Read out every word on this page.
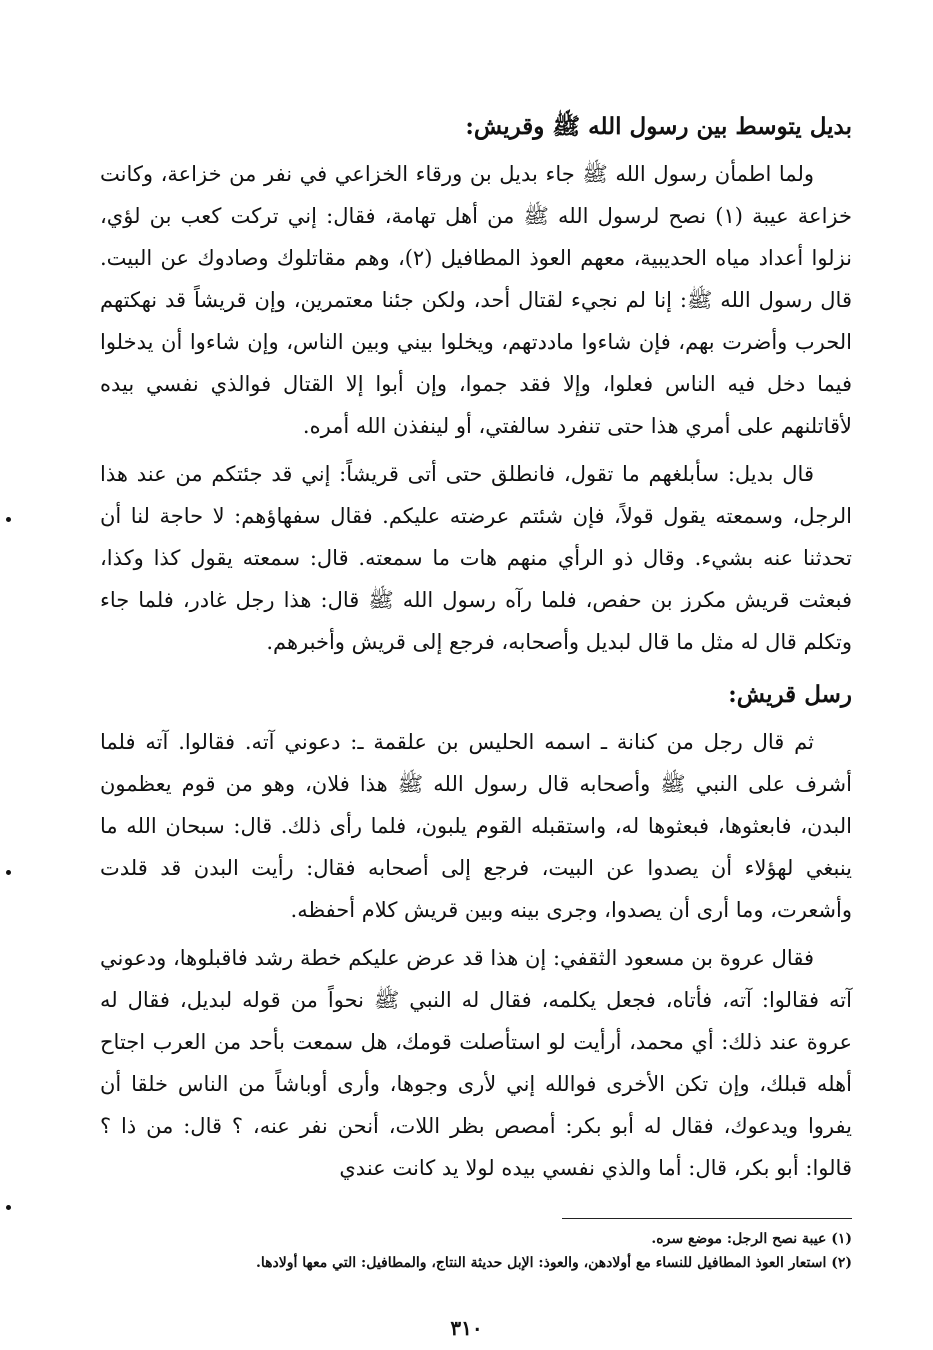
بديل يتوسط بين رسول الله ﷺ وقريش:

ولما اطمأن رسول الله ﷺ جاء بديل بن ورقاء الخزاعي في نفر من خزاعة، وكانت خزاعة عيبة (١) نصح لرسول الله ﷺ من أهل تهامة، فقال: إني تركت كعب بن لؤي، نزلوا أعداد مياه الحديبية، معهم العوذ المطافيل (٢)، وهم مقاتلوك وصادوك عن البيت. قال رسول الله ﷺ: إنا لم نجيء لقتال أحد، ولكن جئنا معتمرين، وإن قريشاً قد نهكتهم الحرب وأضرت بهم، فإن شاءوا ماددتهم، ويخلوا بيني وبين الناس، وإن شاءوا أن يدخلوا فيما دخل فيه الناس فعلوا، وإلا فقد جموا، وإن أبوا إلا القتال فوالذي نفسي بيده لأقاتلنهم على أمري هذا حتى تنفرد سالفتي، أو لينفذن الله أمره.

قال بديل: سأبلغهم ما تقول، فانطلق حتى أتى قريشاً: إني قد جئتكم من عند هذا الرجل، وسمعته يقول قولاً، فإن شئتم عرضته عليكم. فقال سفهاؤهم: لا حاجة لنا أن تحدثنا عنه بشيء. وقال ذو الرأي منهم هات ما سمعته. قال: سمعته يقول كذا وكذا، فبعثت قريش مكرز بن حفص، فلما رآه رسول الله ﷺ قال: هذا رجل غادر، فلما جاء وتكلم قال له مثل ما قال لبديل وأصحابه، فرجع إلى قريش وأخبرهم.

رسل قريش:

ثم قال رجل من كنانة ـ اسمه الحليس بن علقمة ـ: دعوني آته. فقالوا. آته فلما أشرف على النبي ﷺ وأصحابه قال رسول الله ﷺ هذا فلان، وهو من قوم يعظمون البدن، فابعثوها، فبعثوها له، واستقبله القوم يلبون، فلما رأى ذلك. قال: سبحان الله ما ينبغي لهؤلاء أن يصدوا عن البيت، فرجع إلى أصحابه فقال: رأيت البدن قد قلدت وأشعرت، وما أرى أن يصدوا، وجرى بينه وبين قريش كلام أحفظه.

فقال عروة بن مسعود الثقفي: إن هذا قد عرض عليكم خطة رشد فاقبلوها، ودعوني آته فقالوا: آته، فأتاه، فجعل يكلمه، فقال له النبي ﷺ نحواً من قوله لبديل، فقال له عروة عند ذلك: أي محمد، أرأيت لو استأصلت قومك، هل سمعت بأحد من العرب اجتاح أهله قبلك، وإن تكن الأخرى فوالله إني لأرى وجوها، وأرى أوباشاً من الناس خلقا أن يفروا ويدعوك، فقال له أبو بكر: أمصص بظر اللات، أنحن نفر عنه، ؟ قال: من ذا ؟ قالوا: أبو بكر، قال: أما والذي نفسي بيده لولا يد كانت عندي

(١) عيبة نصح الرجل: موضع سره.

(٢) استعار العوذ المطافيل للنساء مع أولادهن، والعوذ: الإبل حديثة النتاج، والمطافيل: التي معها أولادها.

٣١٠
